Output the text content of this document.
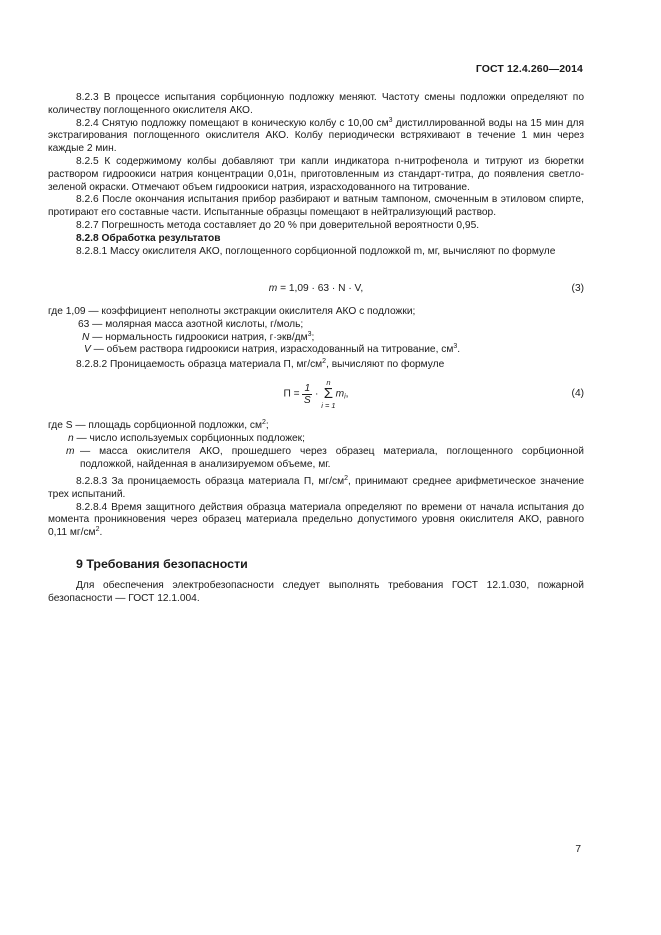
ГОСТ 12.4.260—2014

8.2.3 В процессе испытания сорбционную подложку меняют. Частоту смены подложки определяют по количеству поглощенного окислителя АКО.

8.2.4 Снятую подложку помещают в коническую колбу с 10,00 $см^3$ дистиллированной воды на 15 мин для экстрагирования поглощенного окислителя АКО. Колбу периодически встряхивают в течение 1 мин через каждые 2 мин.

8.2.5 К содержимому колбы добавляют три капли индикатора n-нитрофенола и титруют из бюретки раствором гидроокиси натрия концентрации 0,01н, приготовленным из стандарт-титра, до появления светло-зеленой окраски. Отмечают объем гидроокиси натрия, израсходованного на титрование.

8.2.6 После окончания испытания прибор разбирают и ватным тампоном, смоченным в этиловом спирте, протирают его составные части. Испытанные образцы помещают в нейтрализующий раствор.

8.2.7 Погрешность метода составляет до 20 % при доверительной вероятности 0,95.

8.2.8 Обработка результатов

8.2.8.1 Массу окислителя АКО, поглощенного сорбционной подложкой m, мг, вычисляют по формуле

m = 1,09 · 63 · N · V,	(3)
где 1,09 — коэффициент неполноты экстракции окислителя АКО с подложки;
63 — молярная масса азотной кислоты, г/моль;
N — нормальность гидроокиси натрия, $г\cdot экв/дм^3$;
V — объем раствора гидроокиси натрия, израсходованный на титрование, $см^3$.

8.2.8.2 Проницаемость образца материала П, $мг/см^2$, вычисляют по формуле

$П = \frac{1}{S}$ ·
n
Σ
i = 1
$m_i$,	(4)
где S — площадь сорбционной подложки, $см^2$;
n — число используемых сорбционных подложек;
m — масса окислителя АКО, прошедшего через образец материала, поглощенного сорбционной подложкой, найденная в анализируемом объеме, мг.

8.2.8.3 За проницаемость образца материала П, $мг/см^2$, принимают среднее арифметическое значение трех испытаний.

8.2.8.4 Время защитного действия образца материала определяют по времени от начала испытания до момента проникновения через образец материала предельно допустимого уровня окислителя АКО, равного 0,11 $мг/см^2$.

9 Требования безопасности

Для обеспечения электробезопасности следует выполнять требования ГОСТ 12.1.030, пожарной безопасности — ГОСТ 12.1.004.

7
